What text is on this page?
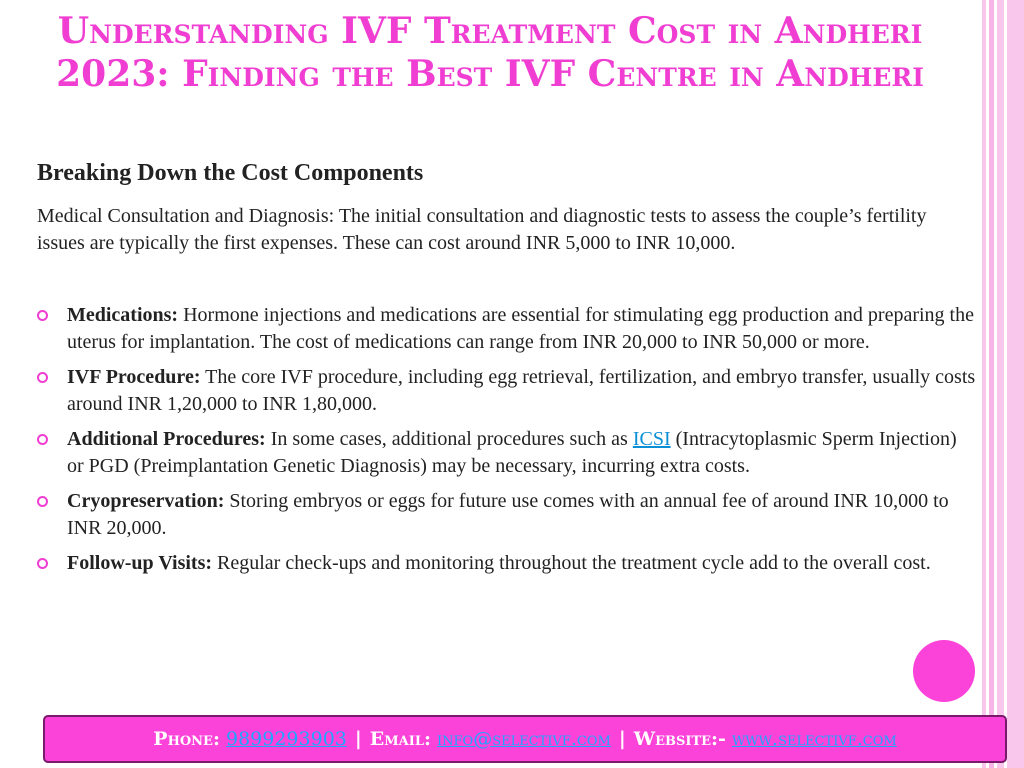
Understanding IVF Treatment Cost in Andheri 2023: Finding the Best IVF Centre in Andheri
Breaking Down the Cost Components

Medical Consultation and Diagnosis: The initial consultation and diagnostic tests to assess the couple’s fertility issues are typically the first expenses. These can cost around INR 5,000 to INR 10,000.

Medications: Hormone injections and medications are essential for stimulating egg production and preparing the uterus for implantation. The cost of medications can range from INR 20,000 to INR 50,000 or more.
IVF Procedure: The core IVF procedure, including egg retrieval, fertilization, and embryo transfer, usually costs around INR 1,20,000 to INR 1,80,000.
Additional Procedures: In some cases, additional procedures such as ICSI (Intracytoplasmic Sperm Injection) or PGD (Preimplantation Genetic Diagnosis) may be necessary, incurring extra costs.
Cryopreservation: Storing embryos or eggs for future use comes with an annual fee of around INR 10,000 to INR 20,000.
Follow-up Visits: Regular check-ups and monitoring throughout the treatment cycle add to the overall cost.
Phone: 9899293903 | Email: info@selectivf.com | Website:- www.selectivf.com
